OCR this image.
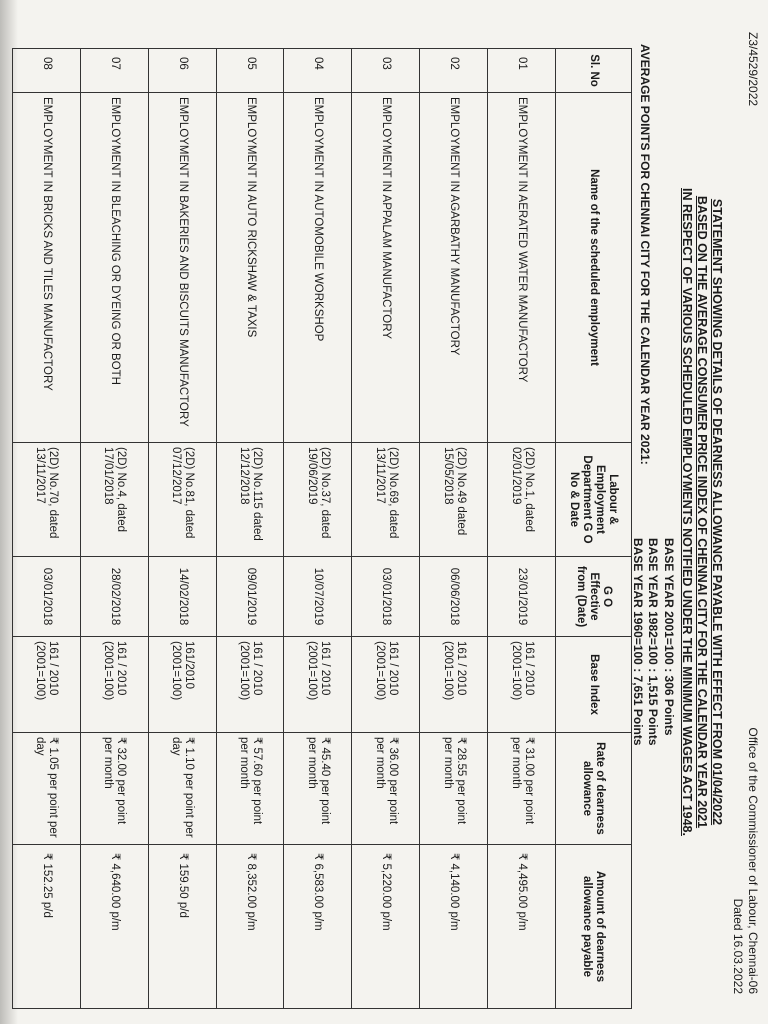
Z3/4529/2022
Office of the Commissioner of Labour, Chennai-06
Dated 16.03.2022
STATEMENT SHOWING DETAILS OF DEARNESS ALLOWANCE PAYABLE WITH EFFECT FROM 01/04/2022
BASED ON THE AVERAGE CONSUMER PRICE INDEX OF CHENNAI CITY FOR THE CALENDAR YEAR 2021
IN RESPECT OF VARIOUS SCHEDULED EMPLOYMENTS NOTIFIED UNDER THE MINIMUM WAGES ACT 1948.
BASE YEAR 2001=100 : 306 Points
BASE YEAR 1982=100 : 1,515 Points
BASE YEAR 1960=100 : 7,651 Points
AVERAGE POINTS FOR CHENNAI CITY FOR THE CALENDAR YEAR 2021:
Sl. No	Name of the scheduled employment	Labour & Employment Department G O No & Date	G O Effective from (Date)	Base Index	Rate of dearness allowance	Amount of dearness allowance payable
01	EMPLOYMENT IN AERATED WATER MANUFACTORY	(2D) No.1, dated 02/01/2019	23/01/2019	161 / 2010 (2001=100)	₹ 31.00 per point per month	₹ 4,495.00 p/m
02	EMPLOYMENT IN AGARBATHY MANUFACTORY	(2D) No.49 dated 15/05/2018	06/06/2018	161 / 2010 (2001=100)	₹ 28.55 per point per month	₹ 4,140.00 p/m
03	EMPLOYMENT IN APPALAM MANUFACTORY	(2D) No.69, dated 13/11/2017	03/01/2018	161 / 2010 (2001=100)	₹ 36.00 per point per month	₹ 5,220.00 p/m
04	EMPLOYMENT IN AUTOMOBILE WORKSHOP	(2D) No.37, dated 19/06/2019	10/07/2019	161 / 2010 (2001=100)	₹ 45.40 per point per month	₹ 6,583.00 p/m
05	EMPLOYMENT IN AUTO RICKSHAW & TAXIS	(2D) No.115 dated 12/12/2018	09/01/2019	161 / 2010 (2001=100)	₹ 57.60 per point per month	₹ 8,352.00 p/m
06	EMPLOYMENT IN BAKERIES AND BISCUITS MANUFACTORY	(2D) No.81, dated 07/12/2017	14/02/2018	161/2010 (2001=100)	₹ 1.10 per point per day	₹ 159.50 p/d
07	EMPLOYMENT IN BLEACHING OR DYEING OR BOTH	(2D) No.4, dated 17/01/2018	28/02/2018	161 / 2010 (2001=100)	₹ 32.00 per point per month	₹ 4,640.00 p/m
08	EMPLOYMENT IN BRICKS AND TILES MANUFACTORY	(2D) No.70, dated 13/11/2017	03/01/2018	161 / 2010 (2001=100)	₹ 1.05 per point per day	₹ 152.25 p/d
